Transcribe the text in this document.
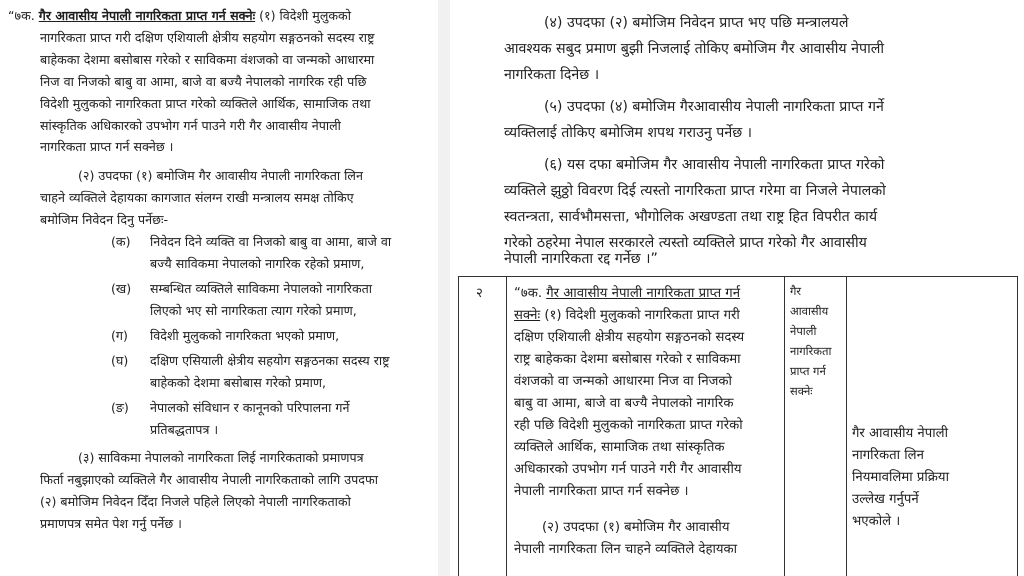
“७क. गैर आवासीय नेपाली नागरिकता प्राप्त गर्न सक्नेः (१) विदेशी मुलुकको
नागरिकता प्राप्त गरी दक्षिण एशियाली क्षेत्रीय सहयोग सङ्गठनको सदस्य राष्ट्र
बाहेकका देशमा बसोबास गरेको र साविकमा वंशजको वा जन्मको आधारमा
निज वा निजको बाबु वा आमा, बाजे वा बज्यै नेपालको नागरिक रही पछि
विदेशी मुलुकको नागरिकता प्राप्त गरेको व्यक्तिले आर्थिक, सामाजिक तथा
सांस्कृतिक अधिकारको उपभोग गर्न पाउने गरी गैर आवासीय नेपाली
नागरिकता प्राप्त गर्न सक्नेछ ।
(२) उपदफा (१) बमोजिम गैर आवासीय नेपाली नागरिकता लिन
चाहने व्यक्तिले देहायका कागजात संलग्न राखी मन्त्रालय समक्ष तोकिए
बमोजिम निवेदन दिनु पर्नेछः-
(क) निवेदन दिने व्यक्ति वा निजको बाबु वा आमा, बाजे वा
बज्यै साविकमा नेपालको नागरिक रहेको प्रमाण,
(ख) सम्बन्धित व्यक्तिले साविकमा नेपालको नागरिकता
लिएको भए सो नागरिकता त्याग गरेको प्रमाण,
(ग) विदेशी मुलुकको नागरिकता भएको प्रमाण,
(घ) दक्षिण एसियाली क्षेत्रीय सहयोग सङ्गठनका सदस्य राष्ट्र
बाहेकको देशमा बसोबास गरेको प्रमाण,
(ङ) नेपालको संविधान र कानूनको परिपालना गर्ने
प्रतिबद्धतापत्र ।
(३) साविकमा नेपालको नागरिकता लिई नागरिकताको प्रमाणपत्र
फिर्ता नबुझाएको व्यक्तिले गैर आवासीय नेपाली नागरिकताको लागि उपदफा
(२) बमोजिम निवेदन दिँदा निजले पहिले लिएको नेपाली नागरिकताको
प्रमाणपत्र समेत पेश गर्नु पर्नेछ ।
(४) उपदफा (२) बमोजिम निवेदन प्राप्त भए पछि मन्त्रालयले
आवश्यक सबुद प्रमाण बुझी निजलाई तोकिए बमोजिम गैर आवासीय नेपाली
नागरिकता दिनेछ ।
(५) उपदफा (४) बमोजिम गैरआवासीय नेपाली नागरिकता प्राप्त गर्ने
व्यक्तिलाई तोकिए बमोजिम शपथ गराउनु पर्नेछ ।
(६) यस दफा बमोजिम गैर आवासीय नेपाली नागरिकता प्राप्त गरेको
व्यक्तिले झुठ्ठो विवरण दिई त्यस्तो नागरिकता प्राप्त गरेमा वा निजले नेपालको
स्वतन्त्रता, सार्वभौमसत्ता, भौगोलिक अखण्डता तथा राष्ट्र हित विपरीत कार्य
गरेको ठहरेमा नेपाल सरकारले त्यस्तो व्यक्तिले प्राप्त गरेको गैर आवासीय
नेपाली नागरिकता रद्द गर्नेछ ।”
२ “७क. गैर आवासीय नेपाली नागरिकता प्राप्त गर्न
सक्नेः (१) विदेशी मुलुकको नागरिकता प्राप्त गरी
दक्षिण एशियाली क्षेत्रीय सहयोग सङ्गठनको सदस्य
राष्ट्र बाहेकका देशमा बसोबास गरेको र साविकमा
वंशजको वा जन्मको आधारमा निज वा निजको
बाबु वा आमा, बाजे वा बज्यै नेपालको नागरिक
रही पछि विदेशी मुलुकको नागरिकता प्राप्त गरेको
व्यक्तिले आर्थिक, सामाजिक तथा सांस्कृतिक
अधिकारको उपभोग गर्न पाउने गरी गैर आवासीय
नेपाली नागरिकता प्राप्त गर्न सक्नेछ ।
(२) उपदफा (१) बमोजिम गैर आवासीय
नेपाली नागरिकता लिन चाहने व्यक्तिले देहायका
गैर
आवासीय
नेपाली
नागरिकता
प्राप्त गर्न
सक्नेः
गैर आवासीय नेपाली
नागरिकता लिन
नियमावलिमा प्रक्रिया
उल्लेख गर्नुपर्ने
भएकोले ।
